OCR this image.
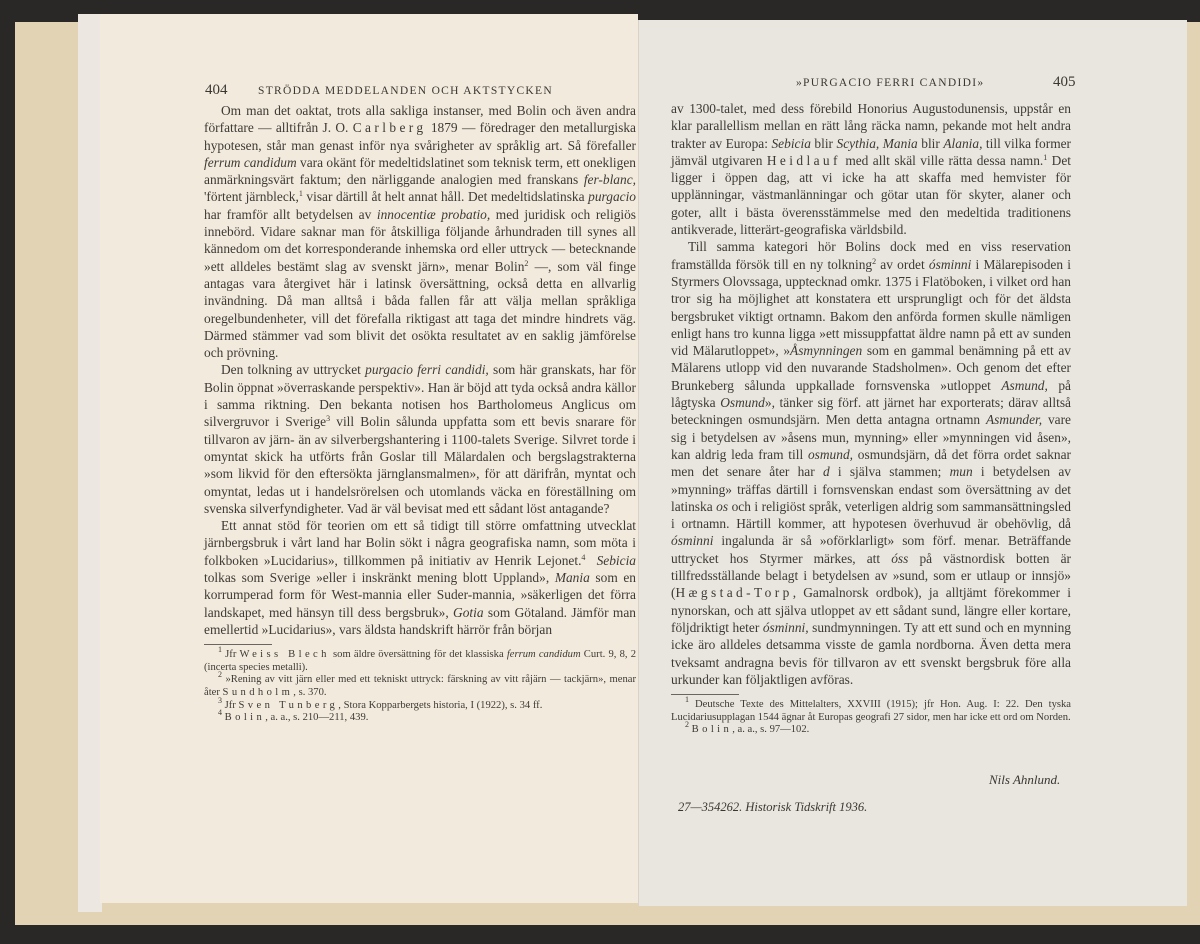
404	STRÖDDA MEDDELANDEN OCH AKTSTYCKEN

Om man det oaktat, trots alla sakliga instanser, med Bolin och även andra författare — alltifrån J. O. Carlberg 1879 — föredrager den metallurgiska hypotesen, står man genast inför nya svårigheter av språklig art. Så förefaller ferrum candidum vara okänt för medeltidslatinet som teknisk term, ett onekligen anmärkningsvärt faktum; den närliggande analogien med franskans fer-blanc, 'förtent järnbleck,$^1$ visar därtill åt helt annat håll. Det medeltidslatinska purgacio har framför allt betydelsen av innocentiæ probatio, med juridisk och religiös innebörd. Vidare saknar man för åtskilliga följande århundraden till synes all kännedom om det korresponderande inhemska ord eller uttryck — betecknande »ett alldeles bestämt slag av svenskt järn», menar Bolin$^2$ —, som väl finge antagas vara återgivet här i latinsk översättning, också detta en allvarlig invändning. Då man alltså i båda fallen får att välja mellan språkliga oregelbundenheter, vill det förefalla riktigast att taga det mindre hindrets väg. Därmed stämmer vad som blivit det osökta resultatet av en saklig jämförelse och prövning.

Den tolkning av uttrycket purgacio ferri candidi, som här granskats, har för Bolin öppnat »överraskande perspektiv». Han är böjd att tyda också andra källor i samma riktning. Den bekanta notisen hos Bartholomeus Anglicus om silvergruvor i Sverige$^3$ vill Bolin sålunda uppfatta som ett bevis snarare för tillvaron av järn- än av silverbergshantering i 1100-talets Sverige. Silvret torde i omyntat skick ha utförts från Goslar till Mälardalen och bergslagstrakterna »som likvid för den eftersökta järnglansmalmen», för att därifrån, myntat och omyntat, ledas ut i handelsrörelsen och utomlands väcka en föreställning om svenska silverfyndigheter. Vad är väl bevisat med ett sådant löst antagande?

Ett annat stöd för teorien om ett så tidigt till större omfattning utvecklat järnbergsbruk i vårt land har Bolin sökt i några geografiska namn, som möta i folkboken »Lucidarius», tillkommen på initiativ av Henrik Lejonet.$^4$ Sebicia tolkas som Sverige »eller i inskränkt mening blott Uppland», Mania som en korrumperad form för West-mannia eller Suder-mannia, »säkerligen det förra landskapet, med hänsyn till dess bergsbruk», Gotia som Götaland. Jämför man emellertid »Lucidarius», vars äldsta handskrift härrör från början

$^1$ Jfr Weiss Blech som äldre översättning för det klassiska ferrum candidum Curt. 9, 8, 2 (incerta species metalli).
$^2$ »Rening av vitt järn eller med ett tekniskt uttryck: färskning av vitt råjärn — tackjärn», menar åter Sundholm, s. 370.
$^3$ Jfr Sven Tunberg, Stora Kopparbergets historia, I (1922), s. 34 ff.
$^4$ Bolin, a. a., s. 210—211, 439.
»PURGACIO FERRI CANDIDI»	405

av 1300-talet, med dess förebild Honorius Augustodunensis, uppstår en klar parallellism mellan en rätt lång räcka namn, pekande mot helt andra trakter av Europa: Sebicia blir Scythia, Mania blir Alania, till vilka former jämväl utgivaren Heidlauf med allt skäl ville rätta dessa namn.$^1$ Det ligger i öppen dag, att vi icke ha att skaffa med hemvister för upplänningar, västmanlänningar och götar utan för skyter, alaner och goter, allt i bästa överensstämmelse med den medeltida traditionens antikverade, litterärt-geografiska världsbild.

Till samma kategori hör Bolins dock med en viss reservation framställda försök till en ny tolkning$^2$ av ordet ósminni i Mälarepisoden i Styrmers Olovssaga, upptecknad omkr. 1375 i Flatöboken, i vilket ord han tror sig ha möjlighet att konstatera ett ursprungligt och för det äldsta bergsbruket viktigt ortnamn. Bakom den anförda formen skulle nämligen enligt hans tro kunna ligga »ett missuppfattat äldre namn på ett av sunden vid Mälarutloppet», »Åsmynningen som en gammal benämning på ett av Mälarens utlopp vid den nuvarande Stadsholmen». Och genom det efter Brunkeberg sålunda uppkallade fornsvenska »utloppet Asmund, på lågtyska Osmund», tänker sig förf. att järnet har exporterats; därav alltså beteckningen osmundsjärn. Men detta antagna ortnamn Asmunder, vare sig i betydelsen av »åsens mun, mynning» eller »mynningen vid åsen», kan aldrig leda fram till osmund, osmundsjärn, då det förra ordet saknar men det senare åter har d i själva stammen; mun i betydelsen av »mynning» träffas därtill i fornsvenskan endast som översättning av det latinska os och i religiöst språk, veterligen aldrig som sammansättningsled i ortnamn. Härtill kommer, att hypotesen överhuvud är obehövlig, då ósminni ingalunda är så »oförklarligt» som förf. menar. Beträffande uttrycket hos Styrmer märkes, att óss på västnordisk botten är tillfredsställande belagt i betydelsen av »sund, som er utlaup or innsjö» (Hægstad-Torp, Gamalnorsk ordbok), ja alltjämt förekommer i nynorskan, och att själva utloppet av ett sådant sund, längre eller kortare, följdriktigt heter ósminni, sundmynningen. Ty att ett sund och en mynning icke äro alldeles detsamma visste de gamla nordborna. Även detta mera tveksamt andragna bevis för tillvaron av ett svenskt bergsbruk före alla urkunder kan följaktligen avföras.

$^1$ Deutsche Texte des Mittelalters, XXVIII (1915); jfr Hon. Aug. I: 22. Den tyska Lucidariusupplagan 1544 ägnar åt Europas geografi 27 sidor, men har icke ett ord om Norden.
$^2$ Bolin, a. a., s. 97—102.
Nils Ahnlund.
27—354262. Historisk Tidskrift 1936.
